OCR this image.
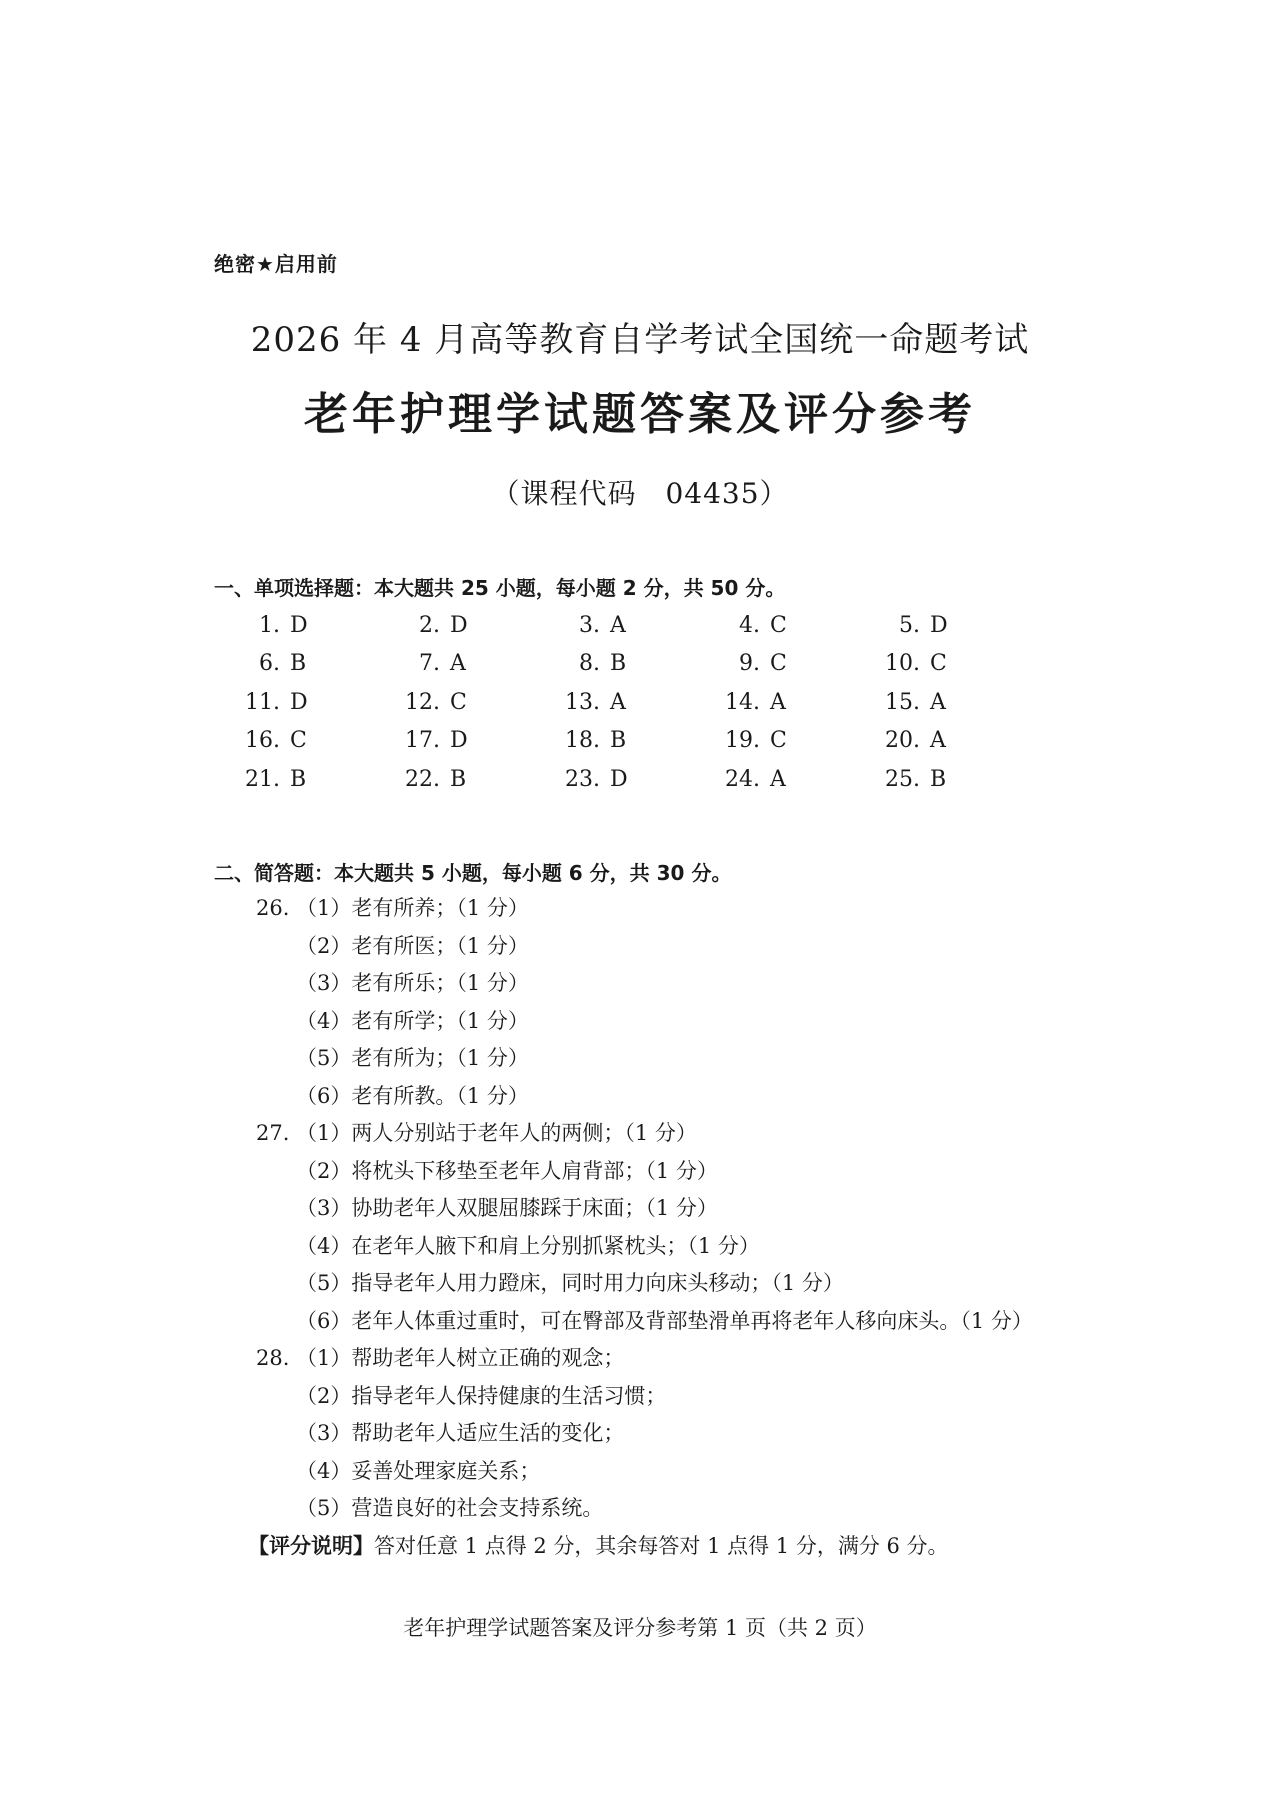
绝密★启用前
2026 年 4 月高等教育自学考试全国统一命题考试
老年护理学试题答案及评分参考
（课程代码　04435）
一、单项选择题：本大题共 25 小题，每小题 2 分，共 50 分。
1. D	2. D	3. A	4. C	5. D
6. B	7. A	8. B	9. C	10. C
11. D	12. C	13. A	14. A	15. A
16. C	17. D	18. B	19. C	20. A
21. B	22. B	23. D	24. A	25. B
二、简答题：本大题共 5 小题，每小题 6 分，共 30 分。
26. （1）老有所养；（1 分）
（2）老有所医；（1 分）
（3）老有所乐；（1 分）
（4）老有所学；（1 分）
（5）老有所为；（1 分）
（6）老有所教。（1 分）
27. （1）两人分别站于老年人的两侧；（1 分）
（2）将枕头下移垫至老年人肩背部；（1 分）
（3）协助老年人双腿屈膝踩于床面；（1 分）
（4）在老年人腋下和肩上分别抓紧枕头；（1 分）
（5）指导老年人用力蹬床，同时用力向床头移动；（1 分）
（6）老年人体重过重时，可在臀部及背部垫滑单再将老年人移向床头。（1 分）
28. （1）帮助老年人树立正确的观念；
（2）指导老年人保持健康的生活习惯；
（3）帮助老年人适应生活的变化；
（4）妥善处理家庭关系；
（5）营造良好的社会支持系统。
【评分说明】答对任意 1 点得 2 分，其余每答对 1 点得 1 分，满分 6 分。
老年护理学试题答案及评分参考第 1 页（共 2 页）
